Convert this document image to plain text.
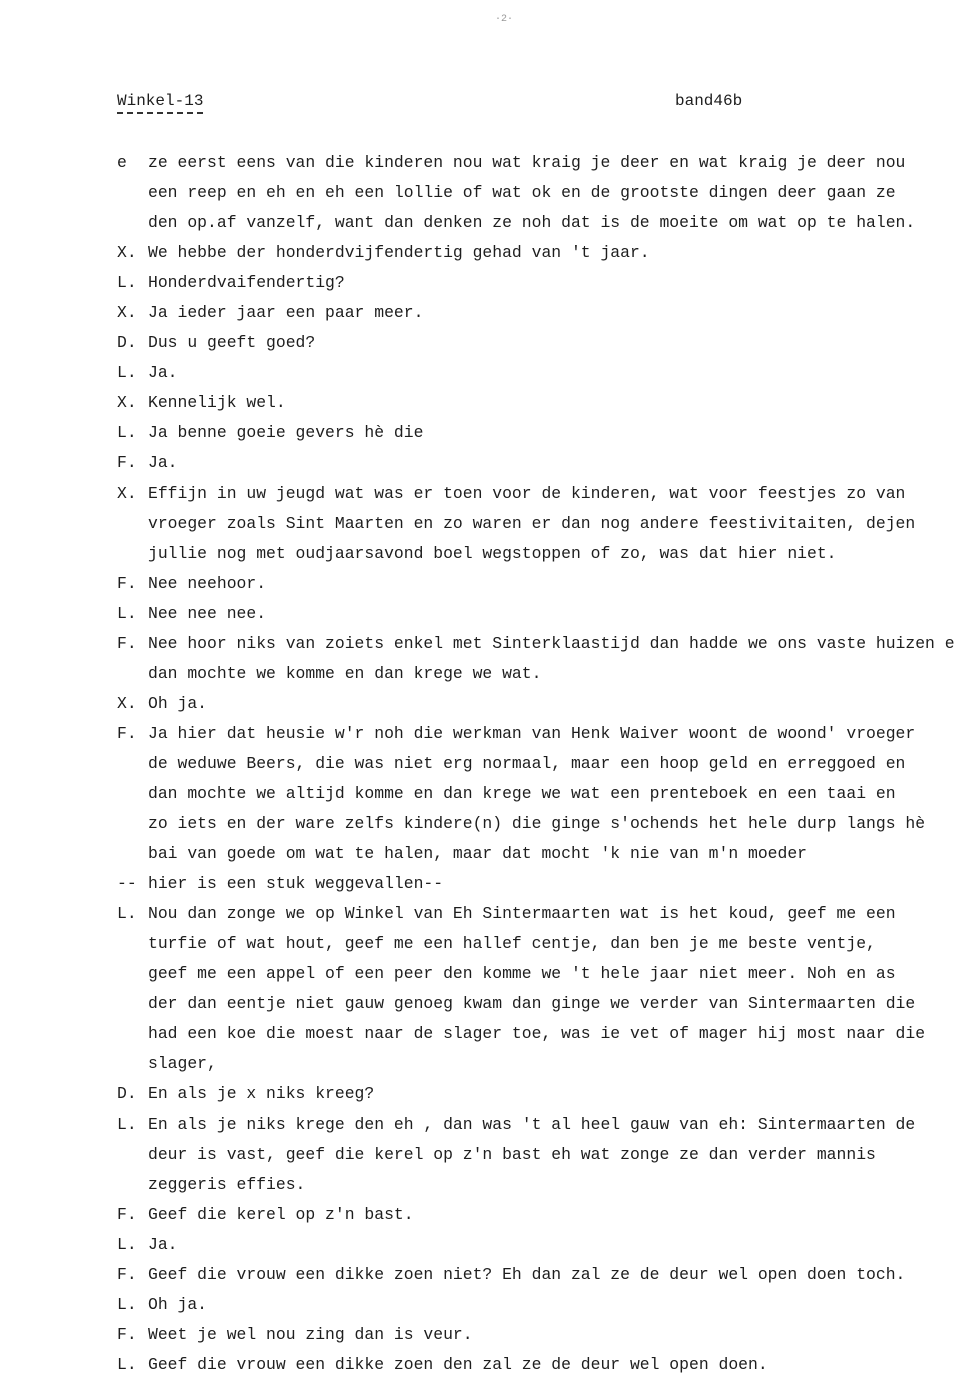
·2·
Winkel-13	band46b
e	ze eerst eens van die kinderen nou wat kraig je deer en wat kraig je deer nou
een reep en eh en eh een lollie of wat ok en de grootste dingen deer gaan ze
den op.af vanzelf, want dan denken ze noh dat is de moeite om wat op te halen.
X. We hebbe der honderdvijfendertig gehad van 't jaar.
L. Honderdvaifendertig?
X. Ja ieder jaar een paar meer.
D. Dus u geeft goed?
L. Ja.
X. Kennelijk wel.
L. Ja benne goeie gevers hè die
F. Ja.
X. Effijn in uw jeugd wat was er toen voor de kinderen, wat voor feestjes zo van
vroeger zoals Sint Maarten en zo waren er dan nog andere feestivitaiten, dejen
jullie nog met oudjaarsavond boel wegstoppen of zo, was dat hier niet.
F. Nee neehoor.
L. Nee nee nee.
F. Nee hoor niks van zoiets enkel met Sinterklaastijd dan hadde we ons vaste huizen e
dan mochte we komme en dan krege we wat.
X. Oh ja.
F. Ja hier dat heusie w'r noh die werkman van Henk Waiver woont de woond' vroeger
de weduwe Beers, die was niet erg normaal, maar een hoop geld en erreggoed en
dan mochte we altijd komme en dan krege we wat een prenteboek en een taai en
zo iets en der ware zelfs kindere(n) die ginge s'ochends het hele durp langs hè
bai van goede om wat te halen, maar dat mocht 'k nie van m'n moeder
-- hier is een stuk weggevallen--
L. Nou dan zonge we op Winkel van Eh Sintermaarten wat is het koud, geef me een
turfie of wat hout, geef me een hallef centje, dan ben je me beste ventje,
geef me een appel of een peer den komme we 't hele jaar niet meer. Noh en as
der dan eentje niet gauw genoeg kwam dan ginge we verder van Sintermaarten die
had een koe die moest naar de slager toe, was ie vet of mager hij most naar die
slager,
D. En als je x niks kreeg?
L. En als je niks krege den eh , dan was 't al heel gauw van eh: Sintermaarten de
deur is vast, geef die kerel op z'n bast eh wat zonge ze dan verder mannis
zeggeris effies.
F. Geef die kerel op z'n bast.
L. Ja.
F. Geef die vrouw een dikke zoen niet? Eh dan zal ze de deur wel open doen toch.
L. Oh ja.
F. Weet je wel nou zing dan is veur.
L. Geef die vrouw een dikke zoen den zal ze de deur wel open doen.
